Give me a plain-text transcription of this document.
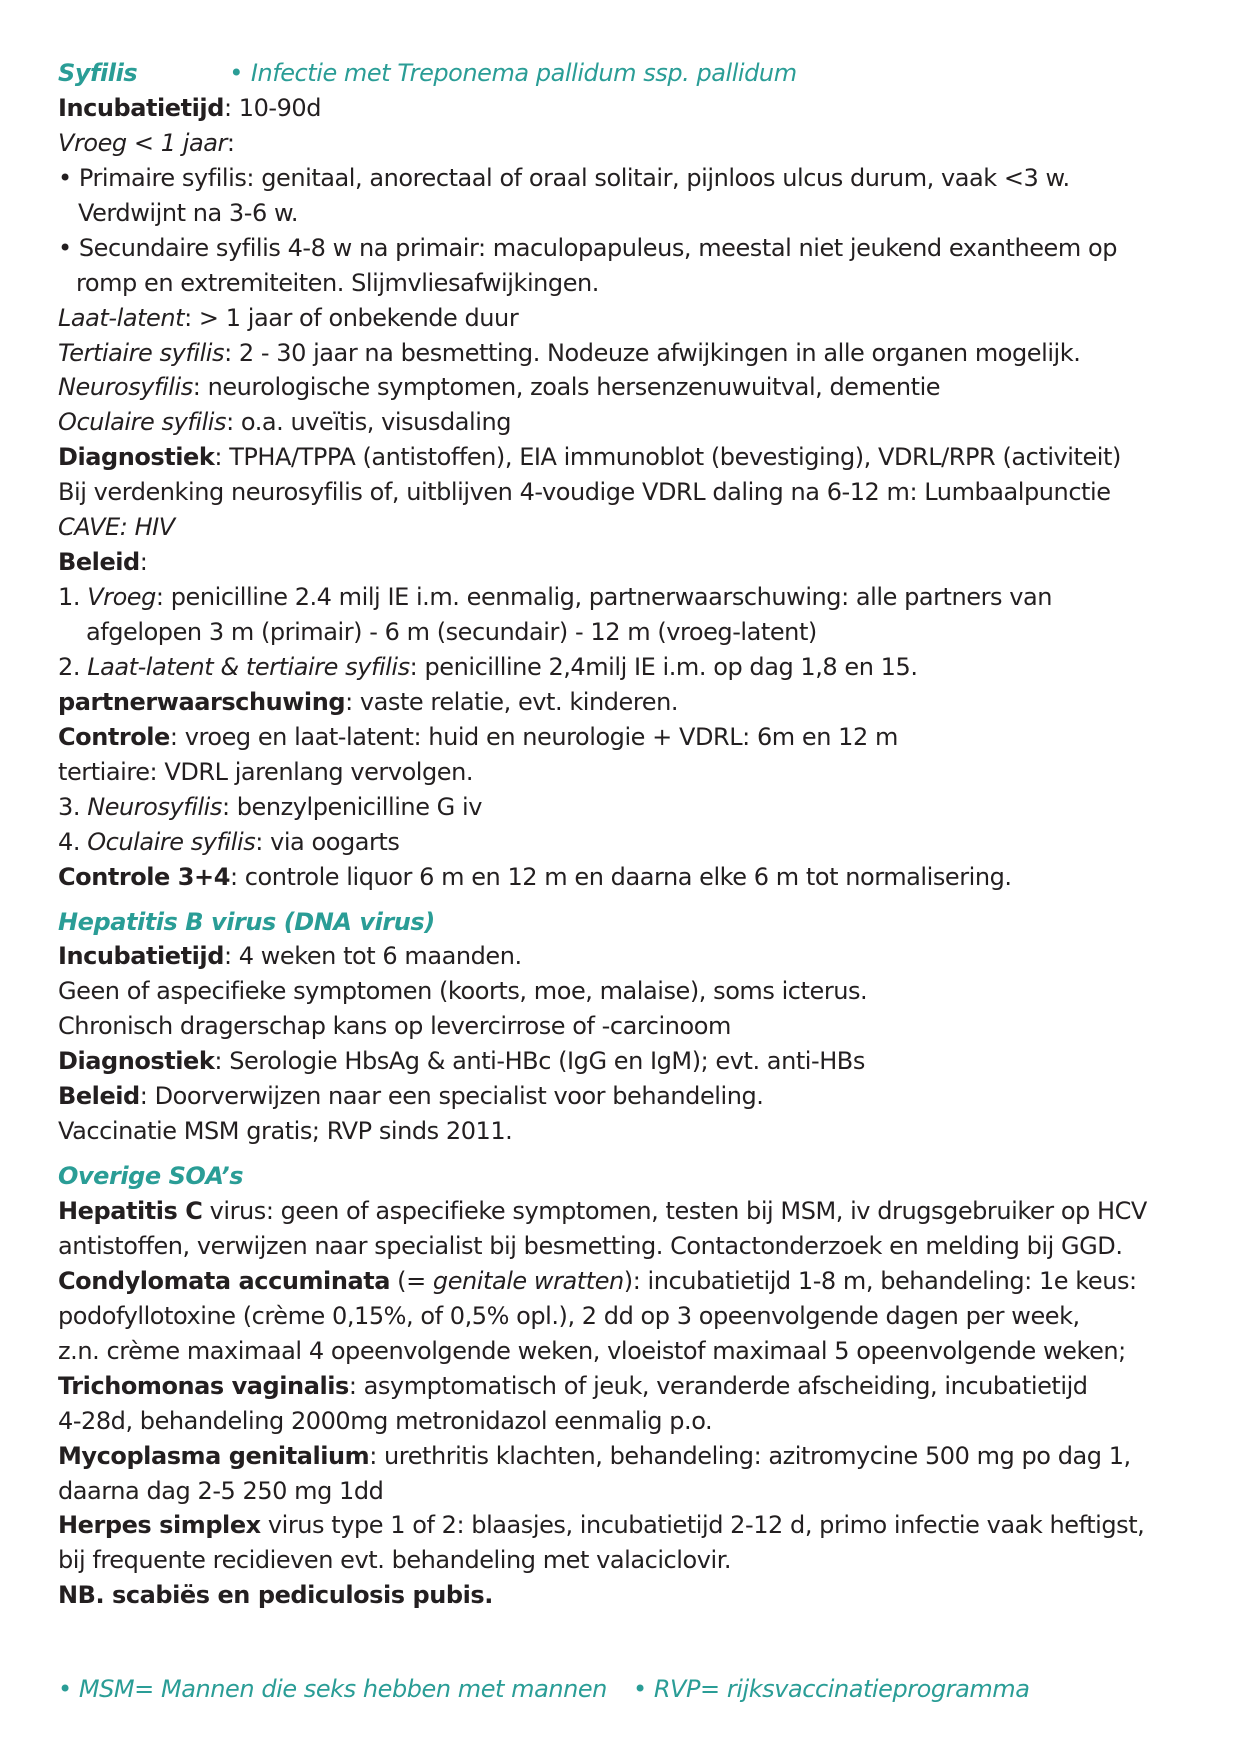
Syfilis	• Infectie met Treponema pallidum ssp. pallidum
Incubatietijd: 10-90d
Vroeg < 1 jaar:
• Primaire syfilis: genitaal, anorectaal of oraal solitair, pijnloos ulcus durum, vaak <3 w.
Verdwijnt na 3-6 w.
• Secundaire syfilis 4-8 w na primair: maculopapuleus, meestal niet jeukend exantheem op
romp en extremiteiten. Slijmvliesafwijkingen.
Laat-latent: > 1 jaar of onbekende duur
Tertiaire syfilis: 2 - 30 jaar na besmetting. Nodeuze afwijkingen in alle organen mogelijk.
Neurosyfilis: neurologische symptomen, zoals hersenzenuwuitval, dementie
Oculaire syfilis: o.a. uveïtis, visusdaling
Diagnostiek: TPHA/TPPA (antistoffen), EIA immunoblot (bevestiging), VDRL/RPR (activiteit)
Bij verdenking neurosyfilis of, uitblijven 4-voudige VDRL daling na 6-12 m: Lumbaalpunctie
CAVE: HIV
Beleid:
1. Vroeg: penicilline 2.4 milj IE i.m. eenmalig, partnerwaarschuwing: alle partners van
afgelopen 3 m (primair) - 6 m (secundair) - 12 m (vroeg-latent)
2. Laat-latent & tertiaire syfilis: penicilline 2,4milj IE i.m. op dag 1,8 en 15.
partnerwaarschuwing: vaste relatie, evt. kinderen.
Controle: vroeg en laat-latent: huid en neurologie + VDRL: 6m en 12 m
tertiaire: VDRL jarenlang vervolgen.
3. Neurosyfilis: benzylpenicilline G iv
4. Oculaire syfilis: via oogarts
Controle 3+4: controle liquor 6 m en 12 m en daarna elke 6 m tot normalisering.
Hepatitis B virus (DNA virus)
Incubatietijd: 4 weken tot 6 maanden.
Geen of aspecifieke symptomen (koorts, moe, malaise), soms icterus.
Chronisch dragerschap kans op levercirrose of -carcinoom
Diagnostiek: Serologie HbsAg & anti-HBc (IgG en IgM); evt. anti-HBs
Beleid: Doorverwijzen naar een specialist voor behandeling.
Vaccinatie MSM gratis; RVP sinds 2011.
Overige SOA’s
Hepatitis C virus: geen of aspecifieke symptomen, testen bij MSM, iv drugsgebruiker op HCV
antistoffen, verwijzen naar specialist bij besmetting. Contactonderzoek en melding bij GGD.
Condylomata accuminata (= genitale wratten): incubatietijd 1-8 m, behandeling: 1e keus:
podofyllotoxine (crème 0,15%, of 0,5% opl.), 2 dd op 3 opeenvolgende dagen per week,
z.n. crème maximaal 4 opeenvolgende weken, vloeistof maximaal 5 opeenvolgende weken;
Trichomonas vaginalis: asymptomatisch of jeuk, veranderde afscheiding, incubatietijd
4-28d, behandeling 2000mg metronidazol eenmalig p.o.
Mycoplasma genitalium: urethritis klachten, behandeling: azitromycine 500 mg po dag 1,
daarna dag 2-5 250 mg 1dd
Herpes simplex virus type 1 of 2: blaasjes, incubatietijd 2-12 d, primo infectie vaak heftigst,
bij frequente recidieven evt. behandeling met valaciclovir.
NB. scabiës en pediculosis pubis.
• MSM= Mannen die seks hebben met mannen • RVP= rijksvaccinatieprogramma
